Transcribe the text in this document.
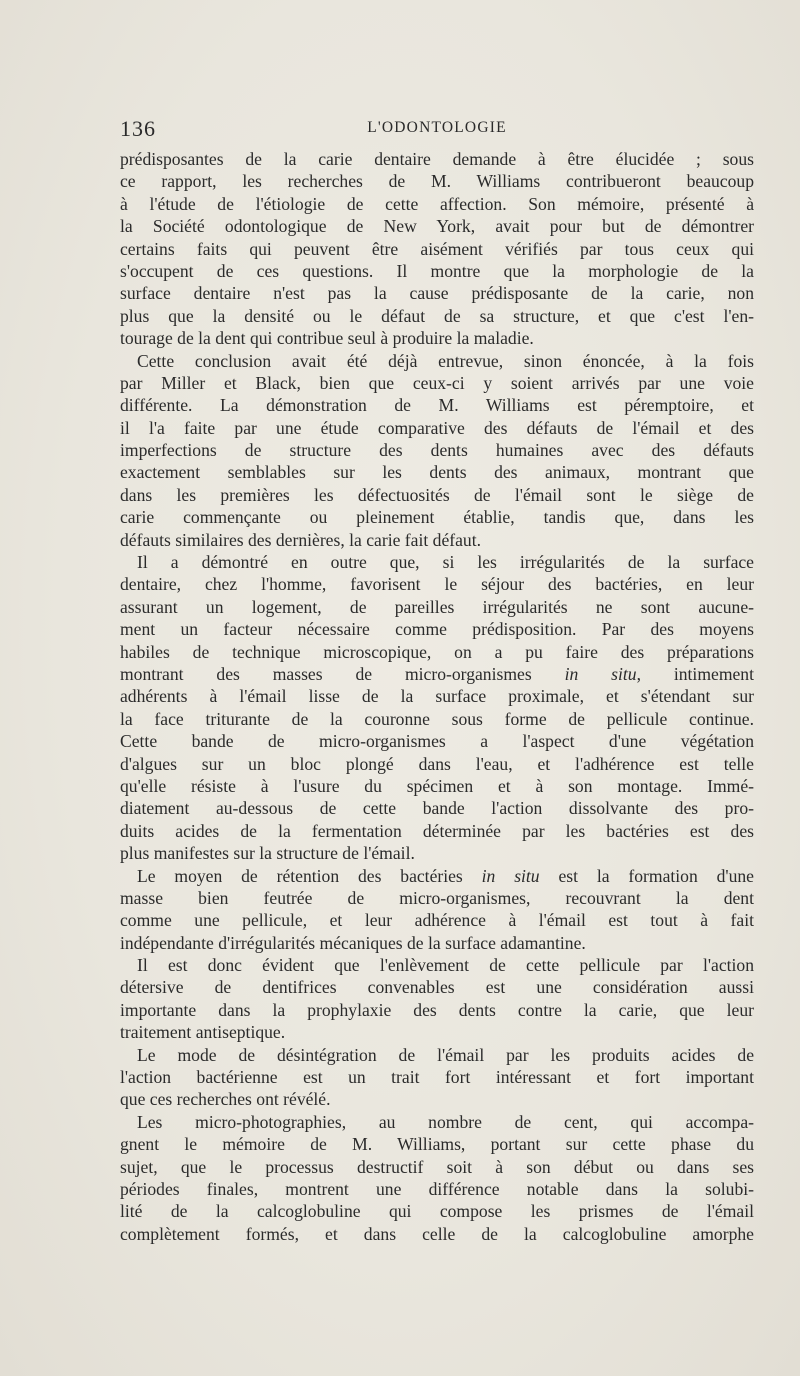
136	L'ODONTOLOGIE
prédisposantes de la carie dentaire demande à être élucidée ; sous
ce rapport, les recherches de M. Williams contribueront beaucoup
à l'étude de l'étiologie de cette affection. Son mémoire, présenté à
la Société odontologique de New York, avait pour but de démontrer
certains faits qui peuvent être aisément vérifiés par tous ceux qui
s'occupent de ces questions. Il montre que la morphologie de la
surface dentaire n'est pas la cause prédisposante de la carie, non
plus que la densité ou le défaut de sa structure, et que c'est l'en-
tourage de la dent qui contribue seul à produire la maladie.
Cette conclusion avait été déjà entrevue, sinon énoncée, à la fois
par Miller et Black, bien que ceux-ci y soient arrivés par une voie
différente. La démonstration de M. Williams est péremptoire, et
il l'a faite par une étude comparative des défauts de l'émail et des
imperfections de structure des dents humaines avec des défauts
exactement semblables sur les dents des animaux, montrant que
dans les premières les défectuosités de l'émail sont le siège de
carie commençante ou pleinement établie, tandis que, dans les
défauts similaires des dernières, la carie fait défaut.
Il a démontré en outre que, si les irrégularités de la surface
dentaire, chez l'homme, favorisent le séjour des bactéries, en leur
assurant un logement, de pareilles irrégularités ne sont aucune-
ment un facteur nécessaire comme prédisposition. Par des moyens
habiles de technique microscopique, on a pu faire des préparations
montrant des masses de micro-organismes in situ, intimement
adhérents à l'émail lisse de la surface proximale, et s'étendant sur
la face triturante de la couronne sous forme de pellicule continue.
Cette bande de micro-organismes a l'aspect d'une végétation
d'algues sur un bloc plongé dans l'eau, et l'adhérence est telle
qu'elle résiste à l'usure du spécimen et à son montage. Immé-
diatement au-dessous de cette bande l'action dissolvante des pro-
duits acides de la fermentation déterminée par les bactéries est des
plus manifestes sur la structure de l'émail.
Le moyen de rétention des bactéries in situ est la formation d'une
masse bien feutrée de micro-organismes, recouvrant la dent
comme une pellicule, et leur adhérence à l'émail est tout à fait
indépendante d'irrégularités mécaniques de la surface adamantine.
Il est donc évident que l'enlèvement de cette pellicule par l'action
détersive de dentifrices convenables est une considération aussi
importante dans la prophylaxie des dents contre la carie, que leur
traitement antiseptique.
Le mode de désintégration de l'émail par les produits acides de
l'action bactérienne est un trait fort intéressant et fort important
que ces recherches ont révélé.
Les micro-photographies, au nombre de cent, qui accompa-
gnent le mémoire de M. Williams, portant sur cette phase du
sujet, que le processus destructif soit à son début ou dans ses
périodes finales, montrent une différence notable dans la solubi-
lité de la calcoglobuline qui compose les prismes de l'émail
complètement formés, et dans celle de la calcoglobuline amorphe
